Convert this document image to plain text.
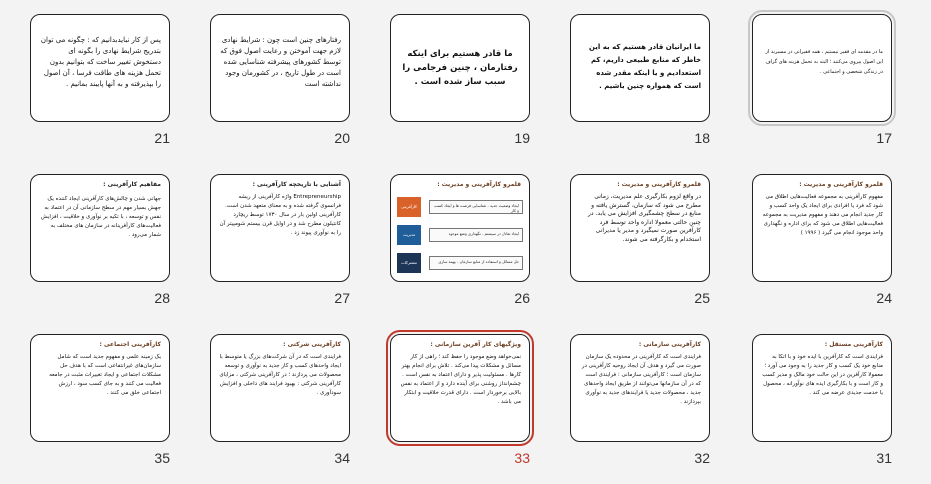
پس از کار نبایدبدانیم که : چگونه می توان بتدریج شرایط نهادی را بگونه ای دستخوش تغییر ساخت که بتوانیم بدون تحمل هزینه های طاقت فرسا ، آن اصول را بپذیرفته و به آنها پایبند بمانیم .
21
رفتارهای چنین است چون : شرایط نهادی لازم جهت آموختن و رعایت اصول فوق که توسط کشورهای پیشرفته شناسایی شده است در طول تاریخ ، در کشورمان وجود نداشته است
20
ما قادر هستیم برای اینکه رفتارمان ، چنین فرجامی را سبب ساز شده است .
19
ما ایرانیان قادر هستیم که به این خاطر که منابع طبیعی داریم، کم استعدادیم و یا اینکه مقدر شده است که همواره چنین باشیم .
18
ما در مقدمه ای فقیر نیستیم ، همه فقیرانی در مسیرند از این اصول پیروی می‌کنند ؛ البته به تحمل هزینه های گزاف در زندگی شخصی و اجتماعی .
17
مفاهیم کارآفرینی :
جهانی شدن و چالش‌های کارآفرینی ایجاد کننده یک جهش بسیار مهم در سطح سازمانی آن در اعتماد به نفس و توسعه ، با تکیه بر نوآوری و خلاقیت ، افزایش فعالیت‌های کارآفرینانه در سازمان های مختلف به شمار می‌رود .
28
آشنایی با تاریخچه کارآفرینی :
Entrepreneurship واژه کارآفرینی از ریشه فرانسوی گرفته شده و به معنای متعهد شدن است. کارآفرینی اولین بار در سال ۱۷۳۰ توسط ریچارد کانتیلون مطرح شد و در اوایل قرن بیستم شومپیتر آن را به نوآوری پیوند زد .
27
قلمرو کارآفرینی و مدیریت :
کارآفرینی
مدیریت
مشترکات
ایجاد وضعیت جدید - شناسایی فرصت ها و ایجاد کسب و کار
ایجاد تعادل در سیستم - نگهداری وضع موجود
حل مسائل و استفاده از منابع سازمان - بهینه سازی
26
قلمرو کارآفرینی و مدیریت :
در واقع لزوم بکارگیری علم مدیریت، زمانی مطرح می شود که سازمان، گسترش یافته و منابع در سطح چشمگیری افزایش می یابد. در چنین حالتی معمولا اداره واحد توسط فرد کارآفرین صورت نمیگیرد و مدیر یا مدیرانی استخدام و بکارگرفته می شوند.
25
قلمرو کارآفرینی و مدیریت :
مفهوم کارآفرینی به مجموعه فعالیت‌هایی اطلاق می شود که فرد یا افرادی برای ایجاد یک واحد کسب و کار جدید انجام می دهند و مفهوم مدیریت به مجموعه فعالیت‌هایی اطلاق می شود که برای اداره و نگهداری واحد موجود انجام می گیرد ( ۱۹۹۶ )
24
کارآفرینی اجتماعی :
یک زمینه علمی و مفهوم جدید است که شامل سازمان‌های غیرانتفاعی است که با هدف حل مشکلات اجتماعی و ایجاد تغییرات مثبت در جامعه فعالیت می کنند و به جای کسب سود ، ارزش اجتماعی خلق می کنند .
35
کارآفرینی شرکتی :
فرایندی است که در آن شرکت‌های بزرگ یا متوسط با ایجاد واحدهای کسب و کار جدید به نوآوری و توسعه محصولات می پردازند ؛ در کارآفرینی شرکتی ، مزایای کارآفرینی شرکتی : بهبود فرایند های داخلی و افزایش سودآوری .
34
ویژگیهای کار آفرین سازمانی :
نمی‌خواهد وضع موجود را حفظ کند ؛ راهی از کار مسائل و مشکلات پیدا می‌کند . تلاش برای انجام بهتر کارها . مسئولیت پذیر و دارای اعتماد به نفس است . چشم‌انداز روشنی برای آینده دارد و از اعتماد به نفس بالایی برخوردار است . دارای قدرت خلاقیت و ابتکار می باشد .
33
کارآفرینی سازمانی :
فرایندی است که کارآفرینی در محدوده یک سازمان صورت می گیرد و هدف آن ایجاد روحیه کارآفرینی در سازمان است ؛ کارآفرینی سازمانی : فرایندی است که در آن سازمانها می‌توانند از طریق ایجاد واحدهای جدید ، محصولات جدید یا فرایندهای جدید به نوآوری بپردازند .
32
کارآفرینی مستقل :
فرایندی است که کارآفرین با ایده خود و با اتکا به منابع خود یک کسب و کار جدید را به وجود می آورد ؛ معمولا کارآفرین در این حالت خود مالک و مدیر کسب و کار است و با بکارگیری ایده های نوآورانه ، محصول یا خدمت جدیدی عرضه می کند .
31
